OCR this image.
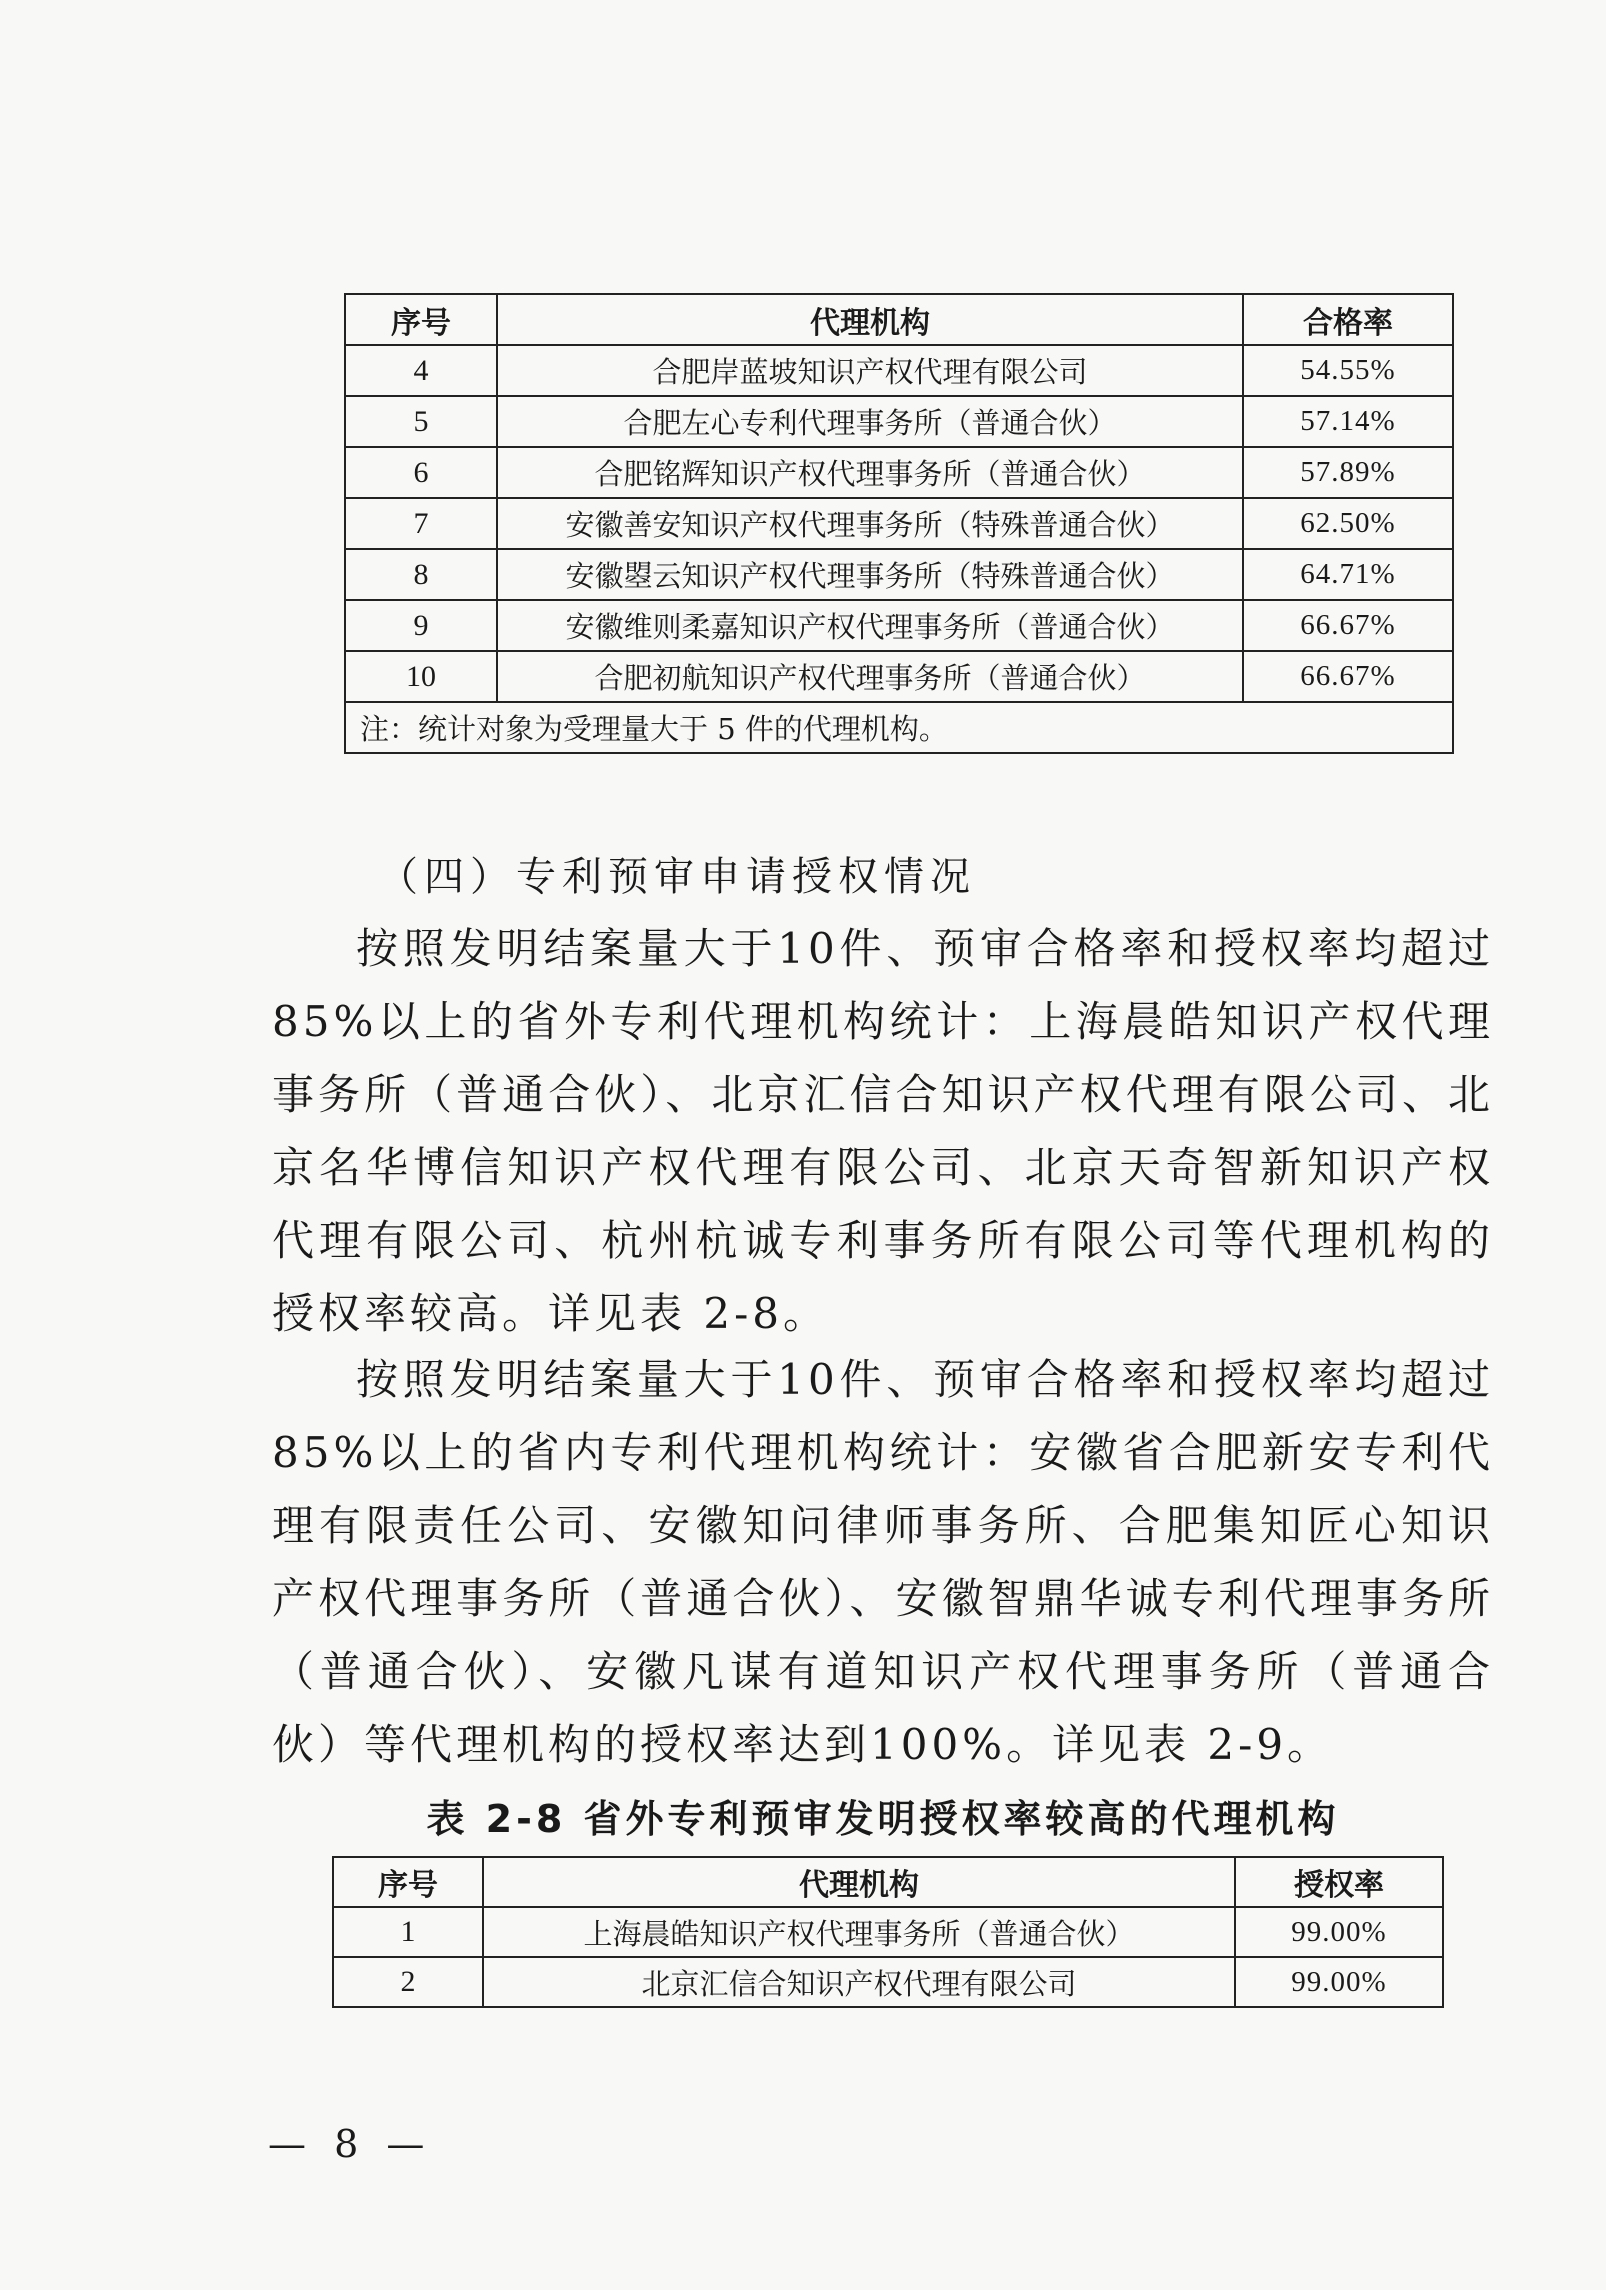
序号	代理机构	合格率
4	合肥岸蓝坡知识产权代理有限公司	54.55%
5	合肥左心专利代理事务所（普通合伙）	57.14%
6	合肥铭辉知识产权代理事务所（普通合伙）	57.89%
7	安徽善安知识产权代理事务所（特殊普通合伙）	62.50%
8	安徽曌云知识产权代理事务所（特殊普通合伙）	64.71%
9	安徽维则柔嘉知识产权代理事务所（普通合伙）	66.67%
10	合肥初航知识产权代理事务所（普通合伙）	66.67%
注：统计对象为受理量大于 5 件的代理机构。		
（四）专利预审申请授权情况

按照发明结案量大于10件、预审合格率和授权率均超过85%以上的省外专利代理机构统计：上海晨皓知识产权代理事务所（普通合伙）、北京汇信合知识产权代理有限公司、北京名华博信知识产权代理有限公司、北京天奇智新知识产权代理有限公司、杭州杭诚专利事务所有限公司等代理机构的授权率较高。详见表 2-8。

按照发明结案量大于10件、预审合格率和授权率均超过85%以上的省内专利代理机构统计：安徽省合肥新安专利代理有限责任公司、安徽知问律师事务所、合肥集知匠心知识产权代理事务所（普通合伙）、安徽智鼎华诚专利代理事务所（普通合伙）、安徽凡谋有道知识产权代理事务所（普通合伙）等代理机构的授权率达到100%。详见表 2-9。

表 2-8 省外专利预审发明授权率较高的代理机构
序号	代理机构	授权率
1	上海晨皓知识产权代理事务所（普通合伙）	99.00%
2	北京汇信合知识产权代理有限公司	99.00%
— 8 —
